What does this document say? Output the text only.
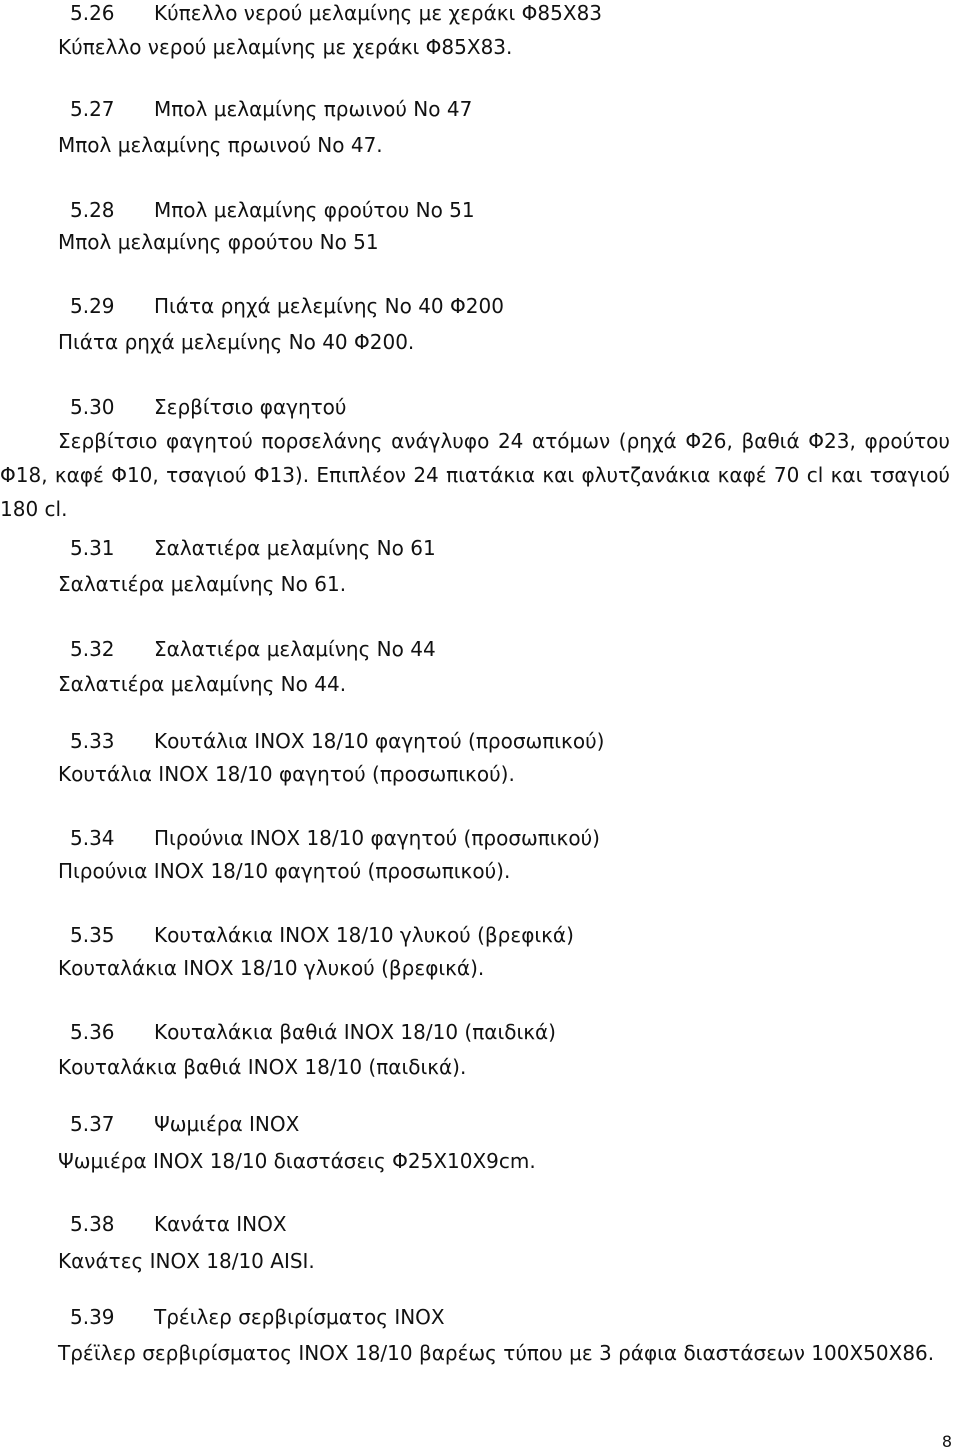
5.26 Κύπελλο νερού μελαμίνης με χεράκι Φ85Χ83
Κύπελλο νερού μελαμίνης με χεράκι Φ85Χ83.
5.27 Μπολ μελαμίνης πρωινού Νο 47
Μπολ μελαμίνης πρωινού Νο 47.
5.28 Μπολ μελαμίνης φρούτου Νο 51
Μπολ μελαμίνης φρούτου Νο 51
5.29 Πιάτα ρηχά μελεμίνης Νο 40 Φ200
Πιάτα ρηχά μελεμίνης Νο 40 Φ200.
5.30 Σερβίτσιο φαγητού
Σερβίτσιο φαγητού πορσελάνης ανάγλυφο 24 ατόμων (ρηχά Φ26, βαθιά Φ23, φρούτου Φ18, καφέ Φ10, τσαγιού Φ13). Επιπλέον 24 πιατάκια και φλυτζανάκια καφέ 70 cl και τσαγιού 180 cl.
5.31 Σαλατιέρα μελαμίνης Νο 61
Σαλατιέρα μελαμίνης Νο 61.
5.32 Σαλατιέρα μελαμίνης Νο 44
Σαλατιέρα μελαμίνης Νο 44.
5.33 Κουτάλια ΙΝΟΧ 18/10 φαγητού (προσωπικού)
Κουτάλια ΙΝΟΧ 18/10 φαγητού (προσωπικού).
5.34 Πιρούνια ΙΝΟΧ 18/10 φαγητού (προσωπικού)
Πιρούνια ΙΝΟΧ 18/10 φαγητού (προσωπικού).
5.35 Κουταλάκια ΙΝΟΧ 18/10 γλυκού (βρεφικά)
Κουταλάκια ΙΝΟΧ 18/10 γλυκού (βρεφικά).
5.36 Κουταλάκια βαθιά ΙΝΟΧ 18/10 (παιδικά)
Κουταλάκια βαθιά ΙΝΟΧ 18/10 (παιδικά).
5.37 Ψωμιέρα ΙΝΟΧ
Ψωμιέρα ΙΝΟΧ 18/10 διαστάσεις Φ25Χ10Χ9cm.
5.38 Κανάτα ΙΝΟΧ
Κανάτες ΙΝΟΧ 18/10 AISI.
5.39 Τρέιλερ σερβιρίσματος ΙΝΟΧ
Τρέϊλερ σερβιρίσματος ΙΝΟΧ 18/10 βαρέως τύπου με 3 ράφια διαστάσεων 100Χ50Χ86.
8
